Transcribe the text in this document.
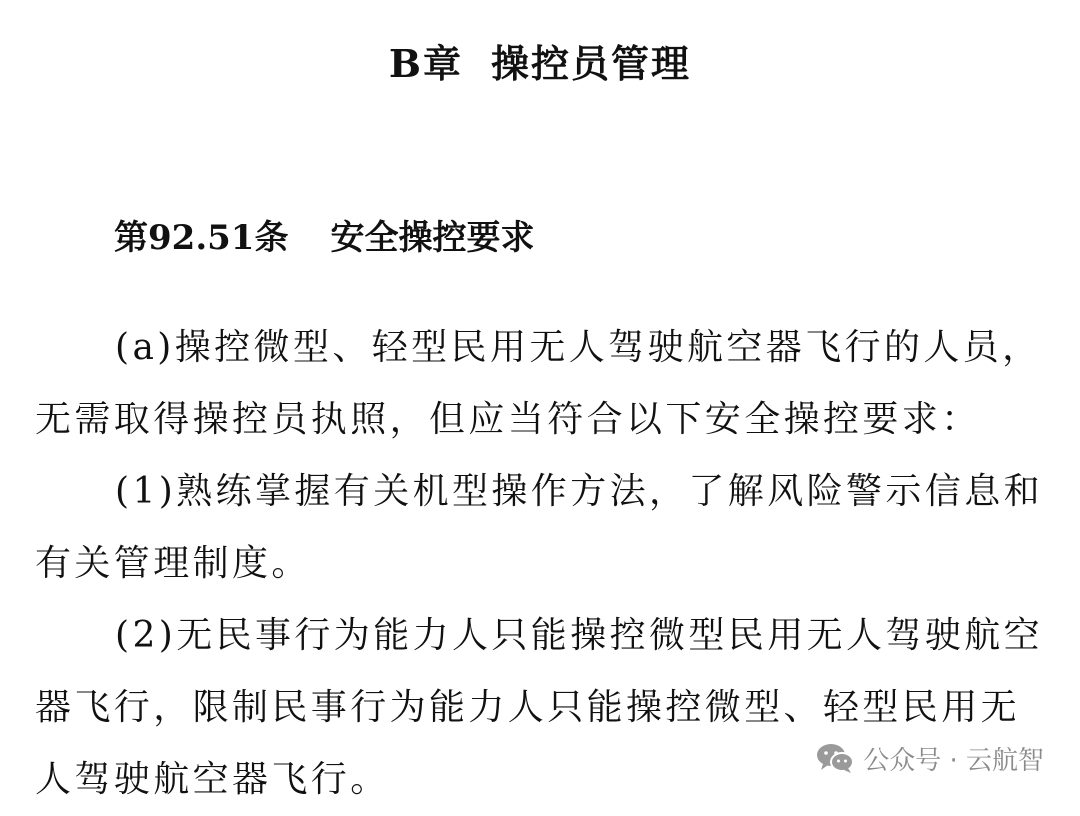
B章 操控员管理
第92.51条 安全操控要求

(a)操控微型、轻型民用无人驾驶航空器飞行的人员，无需取得操控员执照，但应当符合以下安全操控要求：

(1)熟练掌握有关机型操作方法，了解风险警示信息和有关管理制度。

(2)无民事行为能力人只能操控微型民用无人驾驶航空器飞行，限制民事行为能力人只能操控微型、轻型民用无人驾驶航空器飞行。	公众号 · 云航智
